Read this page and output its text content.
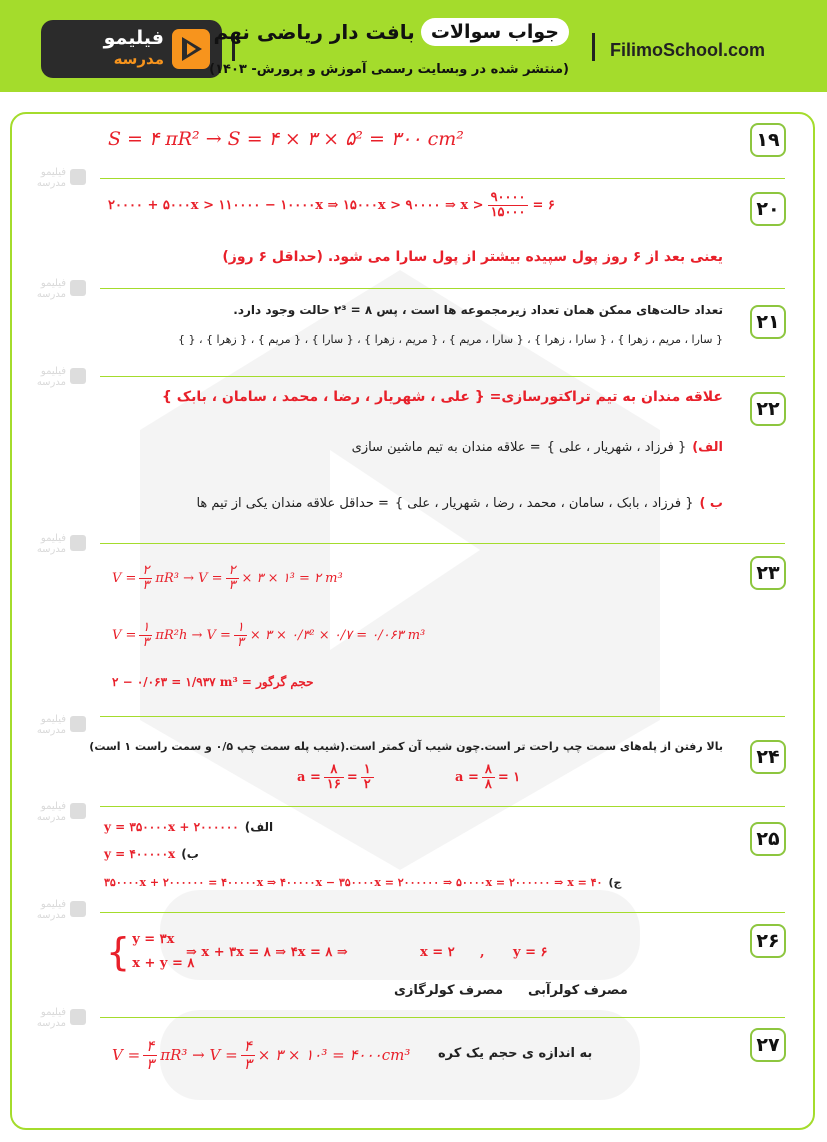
فیلیمو
مدرسه
جواب سوالات
بافت دار ریاضی نهم
(منتشر شده در وبسایت رسمی آموزش و پرورش- ۱۴۰۳)
FilimoSchool.com
فیلیمو
مدرسه
فیلیمو
مدرسه
فیلیمو
مدرسه
فیلیمو
مدرسه
فیلیمو
مدرسه
فیلیمو
مدرسه
فیلیمو
مدرسه
فیلیمو
مدرسه
۱۹
S = ۴ πR² → S = ۴ × ۳ × ۵² = ۳۰۰ cm²
۲۰
۲۰۰۰۰ + ۵۰۰۰x > ۱۱۰۰۰۰ − ۱۰۰۰۰x ⇒ ۱۵۰۰۰x > ۹۰۰۰۰ ⇒ $x > \frac{۹۰۰۰۰}{۱۵۰۰۰}$ = ۶
یعنی بعد از ۶ روز پول سپیده بیشتر از پول سارا می شود. (حداقل ۶ روز)
۲۱
تعداد حالت‌های ممکن همان تعداد زیرمجموعه ها است ، پس ۸ = ۲³ حالت وجود دارد.
{ سارا ، مریم ، زهرا } ، { سارا ، زهرا } ، { سارا ، مریم } ، { مریم ، زهرا } ، { سارا } ، { مریم } ، { زهرا } ، { }
۲۲
علاقه مندان به تیم تراکتورسازی= { علی ، شهریار ، رضا ، محمد ، سامان ، بابک }
الف)
{ فرزاد ، شهریار ، علی }
= علاقه مندان به تیم ماشین سازی
ب )
{ فرزاد ، بابک ، سامان ، محمد ، رضا ، شهریار ، علی }
= حداقل علاقه مندان یکی از تیم ها
۲۳
$V = \frac{۲}{۳} \pi R^3 \to V = \frac{۲}{۳}$ × ۳ × ۱³ = ۲ m³
$V = \frac{۱}{۳} \pi R^2h \to V = \frac{۱}{۳}$ × ۳ × ۰/۳² × ۰/۷ = ۰/۰۶۳ m³
۲ − ۰/۰۶۳ = ۱/۹۳۷ m³ = حجم گرگور
۲۴
بالا رفتن از پله‌های سمت چپ راحت تر است.چون شیب آن کمتر است.(شیب پله سمت چپ ۰/۵ و سمت راست ۱ است)
$a = \frac{۸}{۱۶} = \frac{۱}{۲}$	$a = \frac{۸}{۸}$ = ۱
۲۵
y = ۳۵۰۰۰۰x + ۲۰۰۰۰۰۰ الف)
y = ۴۰۰۰۰۰x ب)
۳۵۰۰۰۰x + ۲۰۰۰۰۰۰ = ۴۰۰۰۰۰x ⇒ ۴۰۰۰۰۰x − ۳۵۰۰۰۰x = ۲۰۰۰۰۰۰ ⇒ ۵۰۰۰۰x = ۲۰۰۰۰۰۰ ⇒ x = ۴۰ ج)
۲۶
{ y = ۳x
x + y = ۸
⇒ x + ۳x = ۸ ⇒ ۴x = ۸ ⇒	x = ۲ , y = ۶
مصرف کولرگازی مصرف کولرآبی
۲۷
$V = \frac{۴}{۳} \pi R^3 \to V = \frac{۴}{۳}$ × ۳ × ۱۰³ = ۴۰۰۰cm³ به اندازه ی حجم یک کره
